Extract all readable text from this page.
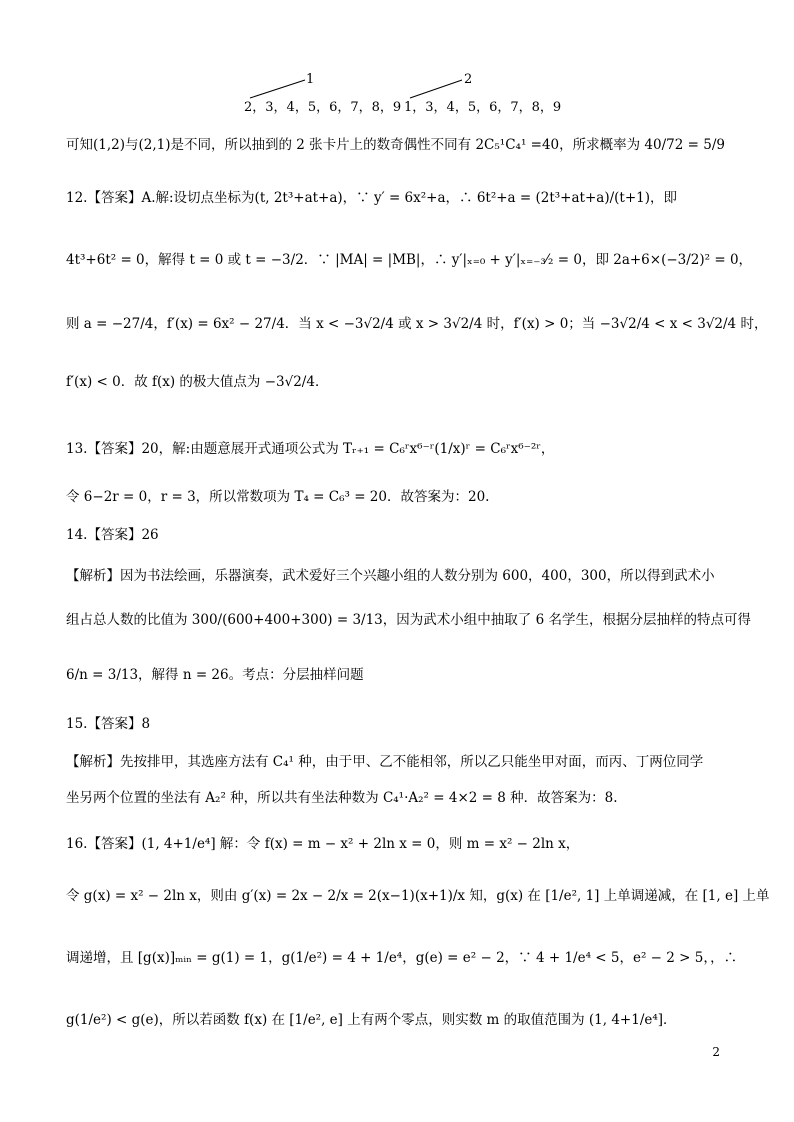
1
2，3，4，5，6，7，8，9
2
1，3，4，5，6，7，8，9
可知(1,2)与(2,1)是不同，所以抽到的 2 张卡片上的数奇偶性不同有 2C₅¹C₄¹ =40，所求概率为 40/72 = 5/9
12.【答案】A.解:设切点坐标为(t, 2t³+at+a)，∵ y′ = 6x²+a，∴ 6t²+a = (2t³+at+a)/(t+1)，即
4t³+6t² = 0，解得 t = 0 或 t = −3/2．∵ |MA| = |MB|，∴ y′|ₓ₌₀ + y′|ₓ₌₋₃⁄₂ = 0，即 2a+6×(−3/2)² = 0，
则 a = −27/4，f′(x) = 6x² − 27/4．当 x < −3√2/4 或 x > 3√2/4 时，f′(x) > 0；当 −3√2/4 < x < 3√2/4 时，
f′(x) < 0．故 f(x) 的极大值点为 −3√2/4．
13.【答案】20，解:由题意展开式通项公式为 Tᵣ₊₁ = C₆ʳx⁶⁻ʳ(1/x)ʳ = C₆ʳx⁶⁻²ʳ，
令 6−2r = 0，r = 3，所以常数项为 T₄ = C₆³ = 20．故答案为：20.
14.【答案】26
【解析】因为书法绘画，乐器演奏，武术爱好三个兴趣小组的人数分别为 600，400，300，所以得到武术小
组占总人数的比值为 300/(600+400+300) = 3/13，因为武术小组中抽取了 6 名学生，根据分层抽样的特点可得
6/n = 3/13，解得 n = 26。考点：分层抽样问题
15.【答案】8
【解析】先按排甲，其选座方法有 C₄¹ 种，由于甲、乙不能相邻，所以乙只能坐甲对面，而丙、丁两位同学
坐另两个位置的坐法有 A₂² 种，所以共有坐法种数为 C₄¹·A₂² = 4×2 = 8 种．故答案为：8.
16.【答案】(1, 4+1/e⁴] 解：令 f(x) = m − x² + 2ln x = 0，则 m = x² − 2ln x，
令 g(x) = x² − 2ln x，则由 g′(x) = 2x − 2/x = 2(x−1)(x+1)/x 知，g(x) 在 [1/e², 1] 上单调递减，在 [1, e] 上单
调递增，且 [g(x)]ₘᵢₙ = g(1) = 1，g(1/e²) = 4 + 1/e⁴，g(e) = e² − 2，∵ 4 + 1/e⁴ < 5，e² − 2 > 5，，∴
g(1/e²) < g(e)，所以若函数 f(x) 在 [1/e², e] 上有两个零点，则实数 m 的取值范围为 (1, 4+1/e⁴]．
2
